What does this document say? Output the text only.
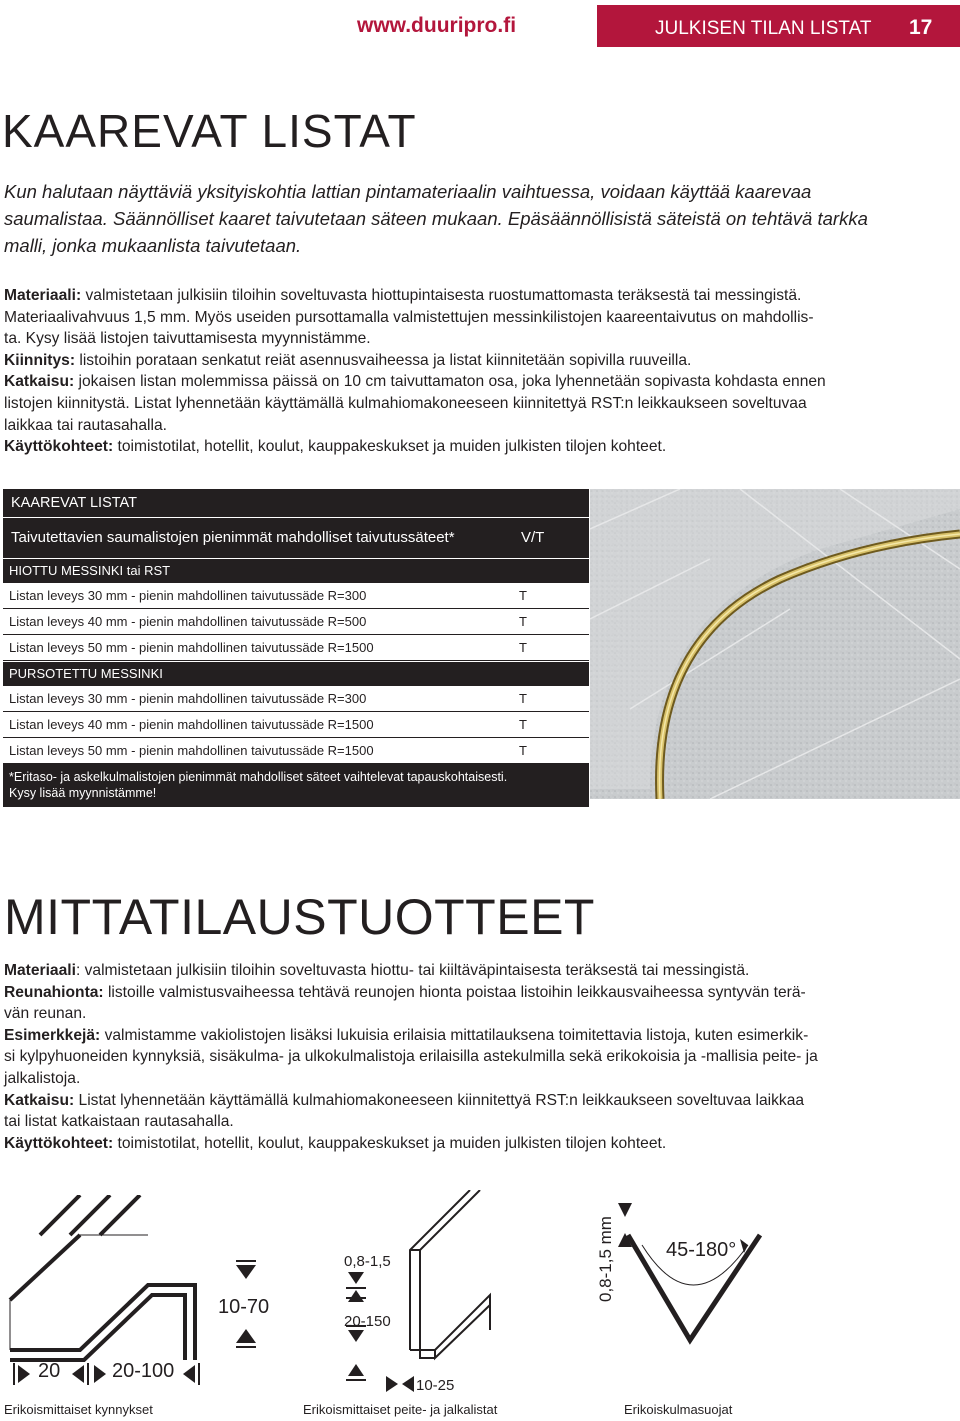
www.duuripro.fi	JULKISEN TILAN LISTAT 17
KAAREVAT LISTAT
Kun halutaan näyttäviä yksityiskohtia lattian pintamateriaalin vaihtuessa, voidaan käyttää kaarevaa saumalistaa. Säännölliset kaaret taivutetaan säteen mukaan. Epäsäännöllisistä säteistä on tehtävä tarkka malli, jonka mukaanlista taivutetaan.
Materiaali: valmistetaan julkisiin tiloihin soveltuvasta hiottupintaisesta ruostumattomasta teräksestä tai messingistä.
Materiaalivahvuus 1,5 mm. Myös useiden pursottamalla valmistettujen messinkilistojen kaareentaivutus on mahdollis-
ta. Kysy lisää listojen taivuttamisesta myynnistämme.
Kiinnitys: listoihin porataan senkatut reiät asennusvaiheessa ja listat kiinnitetään sopivilla ruuveilla.
Katkaisu: jokaisen listan molemmissa päissä on 10 cm taivuttamaton osa, joka lyhennetään sopivasta kohdasta ennen
listojen kiinnitystä. Listat lyhennetään käyttämällä kulmahiomakoneeseen kiinnitettyä RST:n leikkaukseen soveltuvaa
laikkaa tai rautasahalla.
Käyttökohteet: toimistotilat, hotellit, koulut, kauppakeskukset ja muiden julkisten tilojen kohteet.
KAAREVAT LISTAT
Taivutettavien saumalistojen pienimmät mahdolliset taivutussäteet*	V/T
HIOTTU MESSINKI tai RST
Listan leveys 30 mm - pienin mahdollinen taivutussäde R=300	T
Listan leveys 40 mm - pienin mahdollinen taivutussäde R=500	T
Listan leveys 50 mm - pienin mahdollinen taivutussäde R=1500	T
PURSOTETTU MESSINKI
Listan leveys 30 mm - pienin mahdollinen taivutussäde R=300	T
Listan leveys 40 mm - pienin mahdollinen taivutussäde R=1500	T
Listan leveys 50 mm - pienin mahdollinen taivutussäde R=1500	T
*Eritaso- ja askelkulmalistojen pienimmät mahdolliset säteet vaihtelevat tapauskohtaisesti.
Kysy lisää myynnistämme!
MITTATILAUSTUOTTEET
Materiaali: valmistetaan julkisiin tiloihin soveltuvasta hiottu- tai kiiltäväpintaisesta teräksestä tai messingistä.
Reunahionta: listoille valmistusvaiheessa tehtävä reunojen hionta poistaa listoihin leikkausvaiheessa syntyvän terä-
vän reunan.
Esimerkkejä: valmistamme vakiolistojen lisäksi lukuisia erilaisia mittatilauksena toimitettavia listoja, kuten esimerkik-
si kylpyhuoneiden kynnyksiä, sisäkulma- ja ulkokulmalistoja erilaisilla astekulmilla sekä erikokoisia ja -mallisia peite- ja
jalkalistoja.
Katkaisu: Listat lyhennetään käyttämällä kulmahiomakoneeseen kiinnitettyä RST:n leikkaukseen soveltuvaa laikkaa
tai listat katkaistaan rautasahalla.
Käyttökohteet: toimistotilat, hotellit, koulut, kauppakeskukset ja muiden julkisten tilojen kohteet.
10-70
20	20-100
Erikoismittaiset kynnykset
0,8-1,5
20-150
10-25
Erikoismittaiset peite- ja jalkalistat
0,8-1,5 mm	45-180°
Erikoiskulmasuojat
